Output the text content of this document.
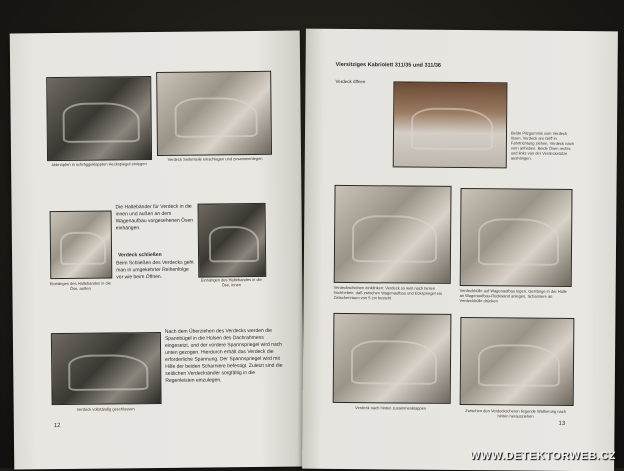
Abknöpfen in schräggeklappten Heckspiegel einlegen
Verdeck Seitenteile einschlagen und zusammenlegen
Die Haltebänder für Verdeck in die innen und außen an dem Wagenaufbau vorgesehenen Ösen einhängen.
Verdeck schließen
Beim Schließen des Verdecks geht man in umgekehrter Reihenfolge vor wie beim Öffnen.
Einhängen des Haltebandes in die Öse, außen
Einhängen des Haltebandes in die Öse, innen
Verdeck vollständig geschlossen
Nach dem Überziehen des Verdecks werden die Spannbügel in die Hülsen des Dachrahmens eingesetzt, und der vordere Spannspriegel wird nach unten gezogen. Hierdurch erhält das Verdeck die erforderliche Spannung. Der Spannspriegel wird mit Hilfe der beiden Scharniere befestigt. Zuletzt sind die seitlichen Verdeckränder sorgfältig in die Regenleisten einzulegen.
12
Viersitziges Kabriolett 311/35 und 311/36
Verdeck öffnen
Beide Pilzgummis vom Verdeck lösen, Verdeck am Griff in Fahrtrichtung ziehen, Verdeck nach vorn anheben. Beide Ösen rechts und links von der Verdeckstütze aushängen.
Verdeckschieben einklinken: Verdeck so weit nach hinten hochheben, daß zwischen Wagenaufbau und Eckspriegel ein Zwischenraum von 5 cm besteht
Verdeckhülle auf Wagenaufbau legen, Gestänge in der Hülle an Wagenaufbau-Rückwand anlegen, Scharniere an Verdeckhülle drücken
Verdeck nach hinten zusammenklappen
Zwischen den Verdeckscheren liegende Wattierung nach hinten herausziehen
13
WWW.DETEKTORWEB.CZ
